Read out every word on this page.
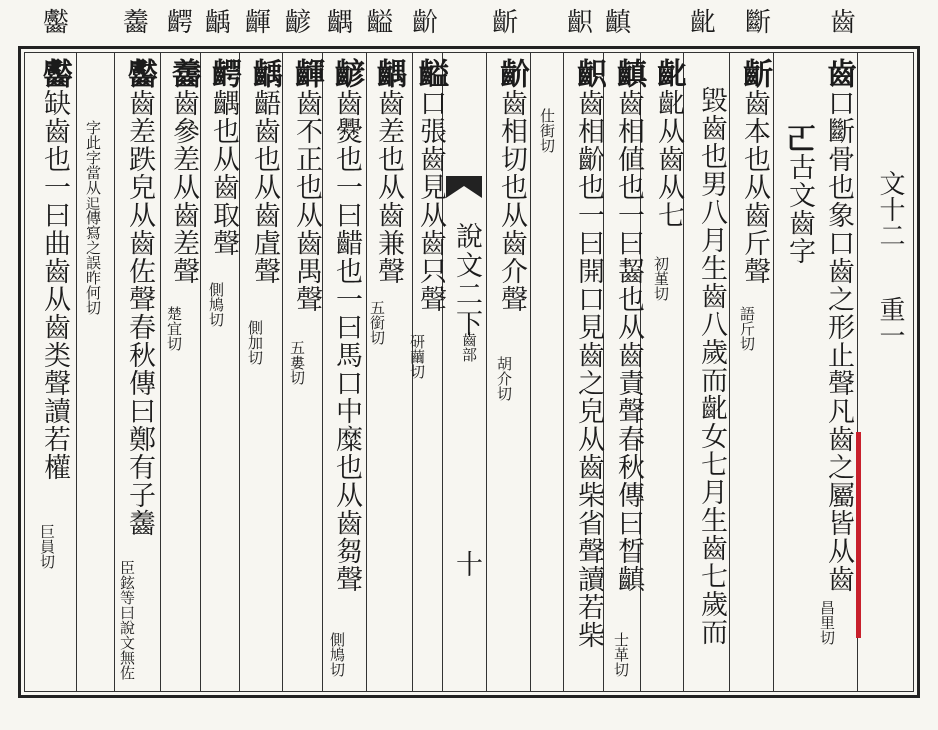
齒
斷
齔
齻
齞
齗
齘
齸
齵
齴
齳
齲
齶
齹
齾
文十二
重一
齒口斷骨也象口齒之形止聲凡齒之屬皆从齒
昌里切
𠀀古文齒字
齗齒本也从齒斤聲
語斤切
毀齒也男八月生齒八歲而齔女七月生齒七歲而
齔齔从齒从七
初堇切
齻齒相値也一曰齧也从齒責聲春秋傳曰晳齻
士革切
齞齒相齘也一曰開口見齒之皃从齒柴省聲讀若柴
仕街切
齘齒相切也从齒介聲
胡介切
齸口張齒見从齒只聲
研繭切
齵齒差也从齒兼聲
五銜切
齴齒㸑也一曰齰也一曰馬口中糜也从齒芻聲
側鳩切
齳齒不正也从齒禺聲
五婁切
齲齬齒也从齒虘聲
側加切
齶齵也从齒取聲
側鳩切
齹齒參差从齒差聲
楚宜切
齾齒差跌皃从齒佐聲春秋傳曰鄭有子齹
臣鉉等曰說文無佐
字此字當从𨑓傳寫之誤昨何切
齾缺齒也一曰曲齒从齒类聲讀若權
巨員切
說文二下
齒部
十
